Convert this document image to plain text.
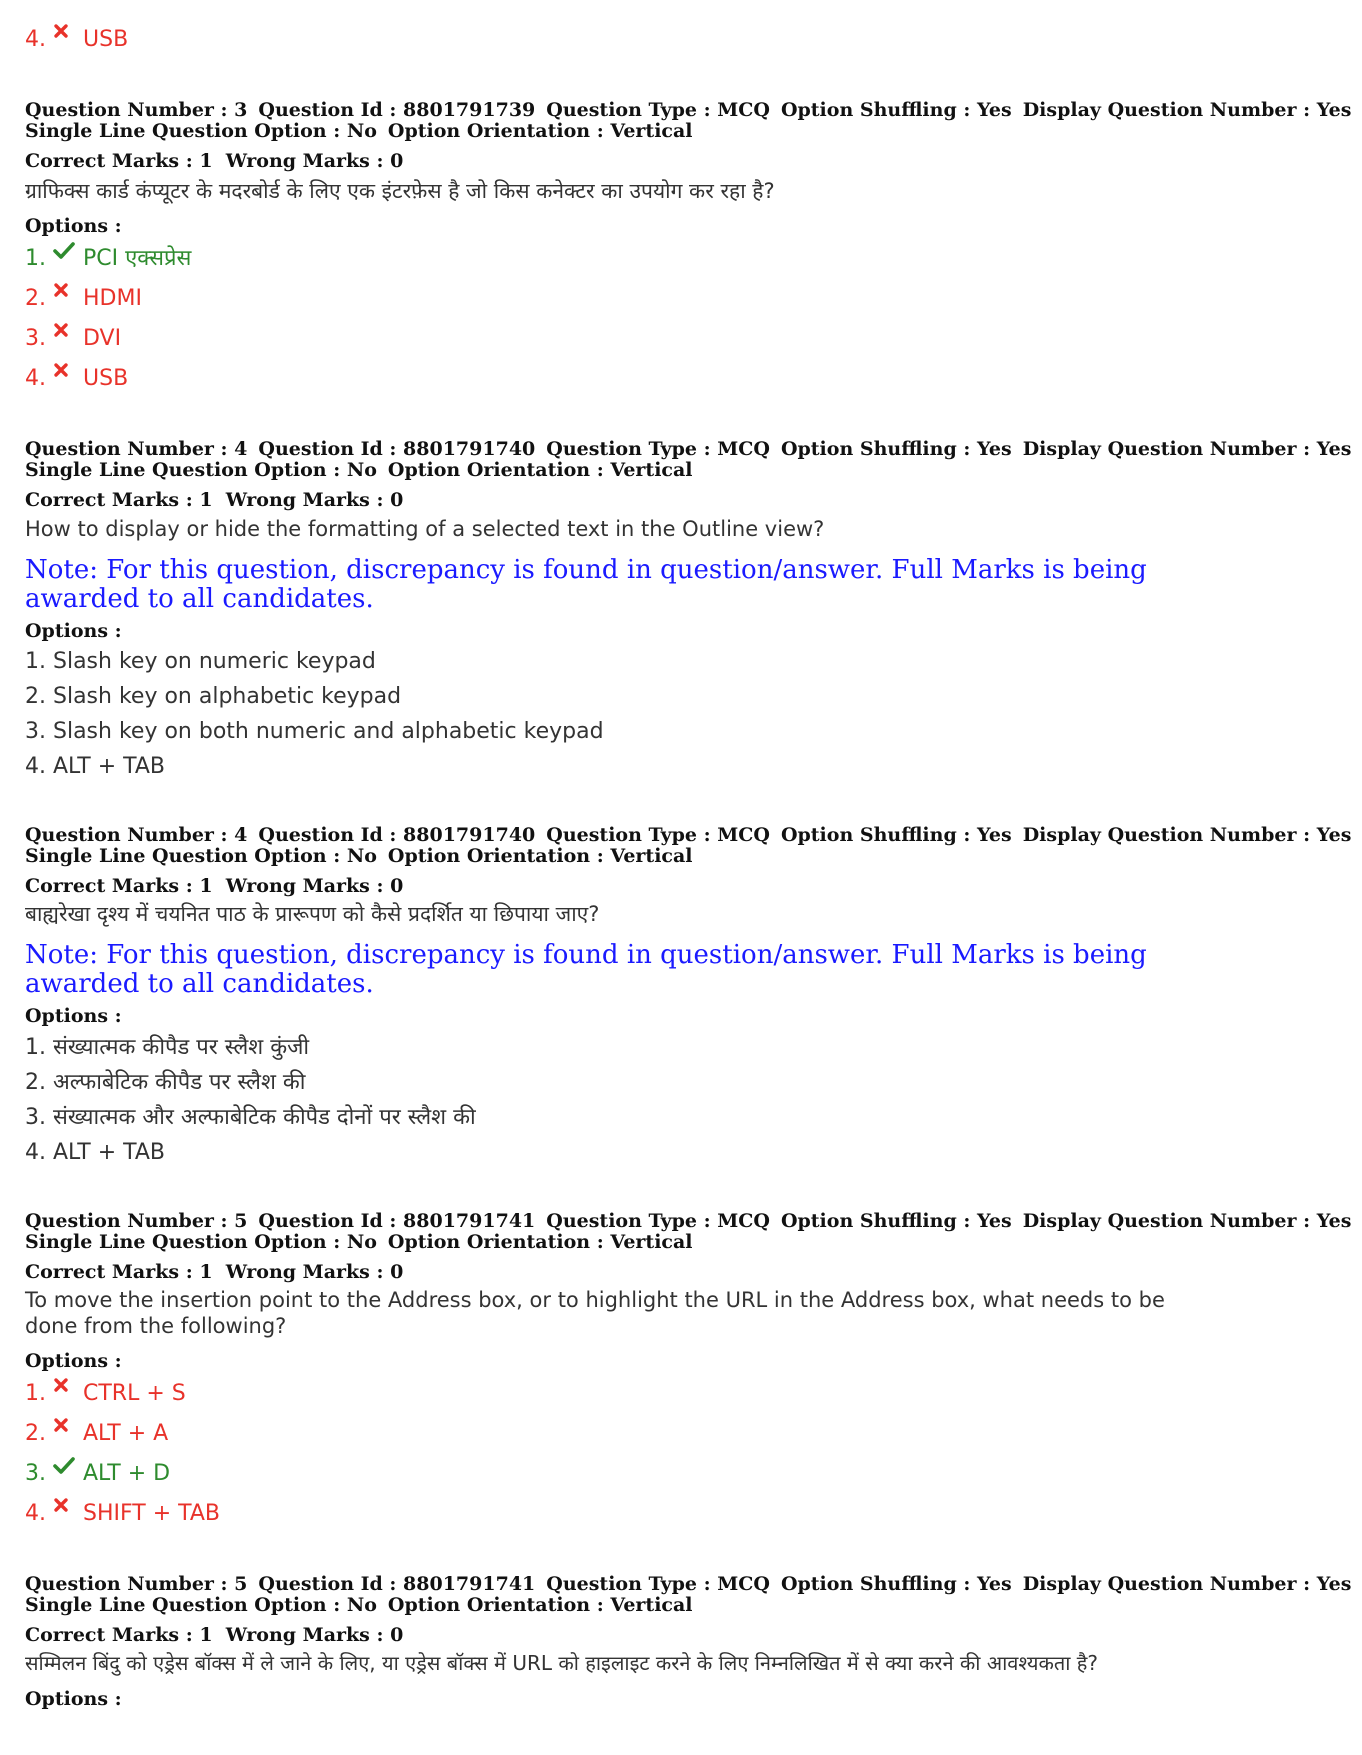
4.	USB
Question Number : 3 Question Id : 8801791739 Question Type : MCQ Option Shuffling : Yes Display Question Number : Yes
Single Line Question Option : No Option Orientation : Vertical
Correct Marks : 1 Wrong Marks : 0
ग्राफिक्स कार्ड कंप्यूटर के मदरबोर्ड के लिए एक इंटरफ़ेस है जो किस कनेक्टर का उपयोग कर रहा है?
Options :
1.	PCI एक्सप्रेस
2.	HDMI
3.	DVI
4.	USB
Question Number : 4 Question Id : 8801791740 Question Type : MCQ Option Shuffling : Yes Display Question Number : Yes
Single Line Question Option : No Option Orientation : Vertical
Correct Marks : 1 Wrong Marks : 0
How to display or hide the formatting of a selected text in the Outline view?
Note: For this question, discrepancy is found in question/answer. Full Marks is being awarded to all candidates.
Options :
1. Slash key on numeric keypad
2. Slash key on alphabetic keypad
3. Slash key on both numeric and alphabetic keypad
4. ALT + TAB
Question Number : 4 Question Id : 8801791740 Question Type : MCQ Option Shuffling : Yes Display Question Number : Yes
Single Line Question Option : No Option Orientation : Vertical
Correct Marks : 1 Wrong Marks : 0
बाह्यरेखा दृश्य में चयनित पाठ के प्रारूपण को कैसे प्रदर्शित या छिपाया जाए?
Note: For this question, discrepancy is found in question/answer. Full Marks is being awarded to all candidates.
Options :
1. संख्यात्मक कीपैड पर स्लैश कुंजी
2. अल्फाबेटिक कीपैड पर स्लैश की
3. संख्यात्मक और अल्फाबेटिक कीपैड दोनों पर स्लैश की
4. ALT + TAB
Question Number : 5 Question Id : 8801791741 Question Type : MCQ Option Shuffling : Yes Display Question Number : Yes
Single Line Question Option : No Option Orientation : Vertical
Correct Marks : 1 Wrong Marks : 0
To move the insertion point to the Address box, or to highlight the URL in the Address box, what needs to be done from the following?
Options :
1.	CTRL + S
2.	ALT + A
3.	ALT + D
4.	SHIFT + TAB
Question Number : 5 Question Id : 8801791741 Question Type : MCQ Option Shuffling : Yes Display Question Number : Yes
Single Line Question Option : No Option Orientation : Vertical
Correct Marks : 1 Wrong Marks : 0
सम्मिलन बिंदु को एड्रेस बॉक्स में ले जाने के लिए, या एड्रेस बॉक्स में URL को हाइलाइट करने के लिए निम्नलिखित में से क्या करने की आवश्यकता है?
Options :
